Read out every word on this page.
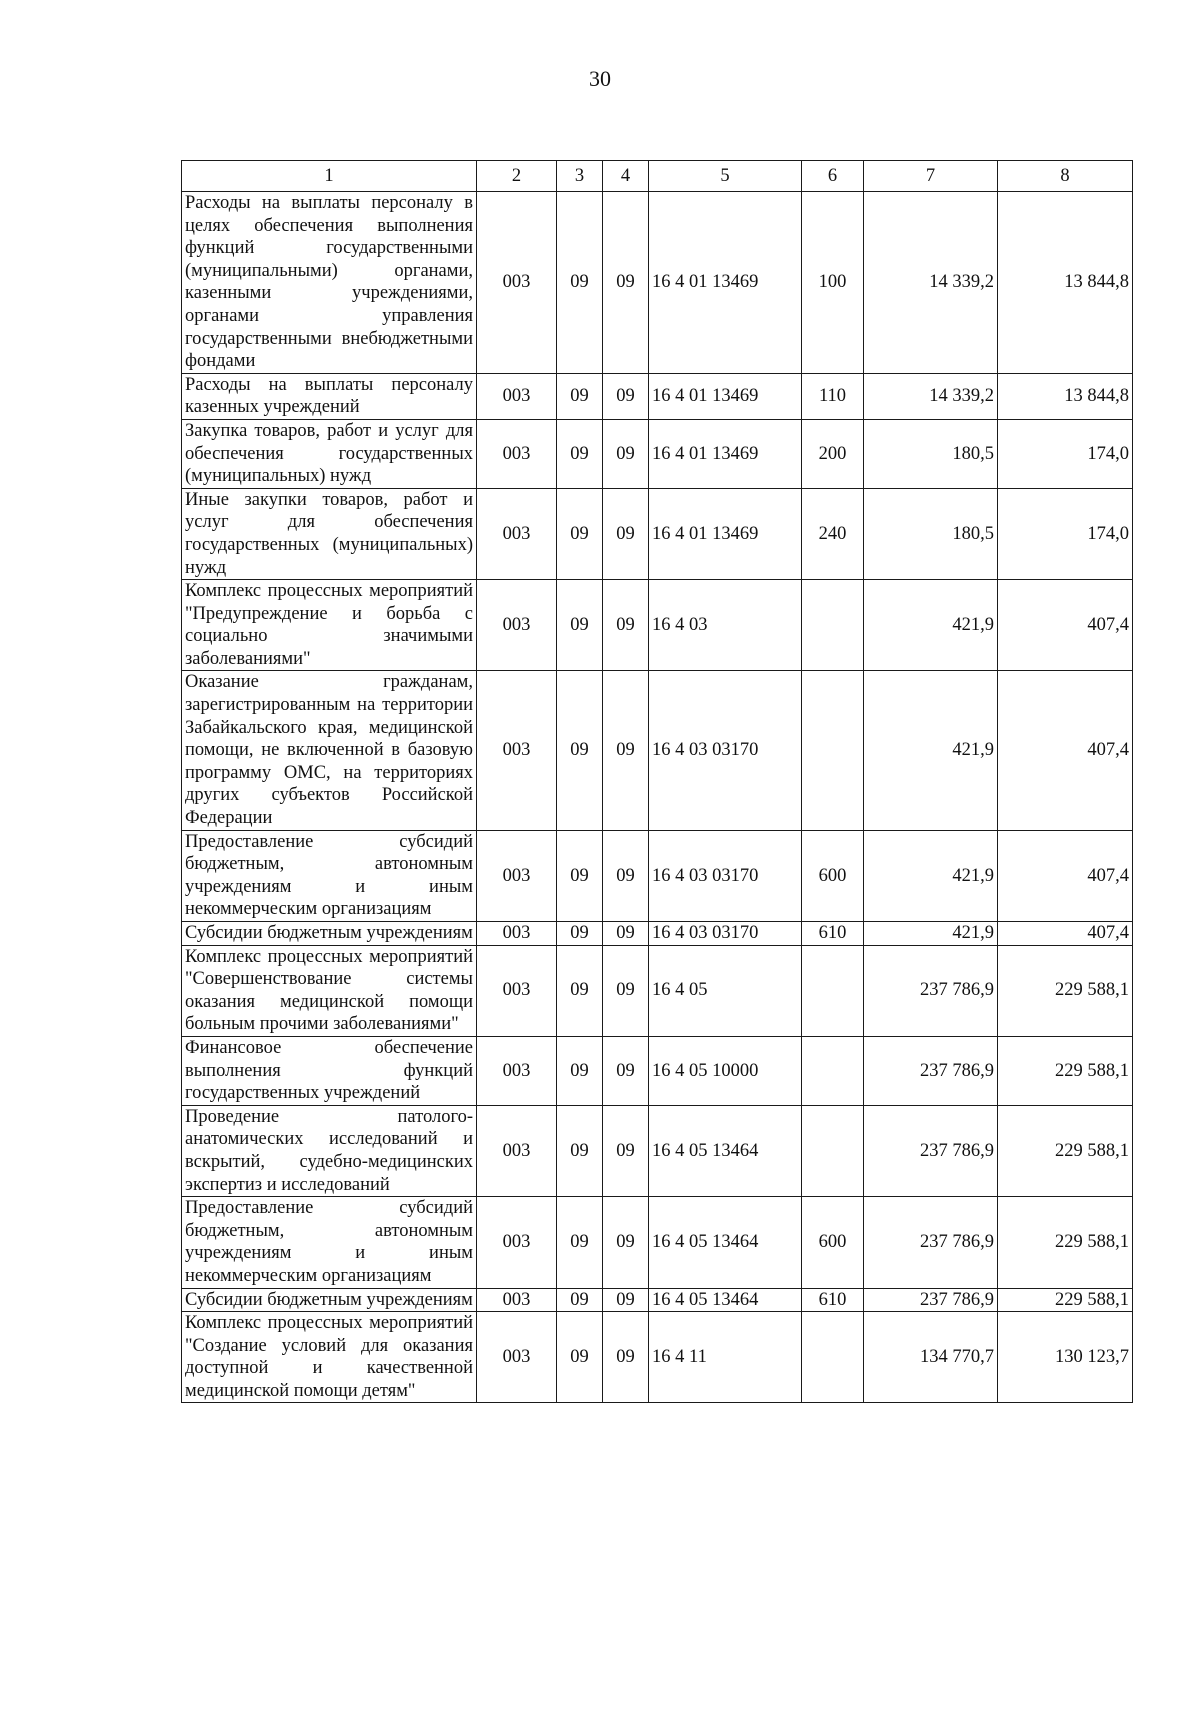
30
1	2	3	4	5	6	7	8
Расходы на выплаты персоналу в целях обеспечения выполнения функций государственными (муниципальными) органами, казенными учреждениями, органами управления государственными внебюджетными фондами	003	09	09	16 4 01 13469	100	14 339,2	13 844,8
Расходы на выплаты персоналу казенных учреждений	003	09	09	16 4 01 13469	110	14 339,2	13 844,8
Закупка товаров, работ и услуг для обеспечения государственных (муниципальных) нужд	003	09	09	16 4 01 13469	200	180,5	174,0
Иные закупки товаров, работ и услуг для обеспечения государственных (муниципальных) нужд	003	09	09	16 4 01 13469	240	180,5	174,0
Комплекс процессных мероприятий "Предупреждение и борьба с социально значимыми заболеваниями"	003	09	09	16 4 03		421,9	407,4
Оказание гражданам, зарегистрированным на территории Забайкальского края, медицинской помощи, не включенной в базовую программу ОМС, на территориях других субъектов Российской Федерации	003	09	09	16 4 03 03170		421,9	407,4
Предоставление субсидий бюджетным, автономным учреждениям и иным некоммерческим организациям	003	09	09	16 4 03 03170	600	421,9	407,4
Субсидии бюджетным учреждениям	003	09	09	16 4 03 03170	610	421,9	407,4
Комплекс процессных мероприятий "Совершенствование системы оказания медицинской помощи больным прочими заболеваниями"	003	09	09	16 4 05		237 786,9	229 588,1
Финансовое обеспечение выполнения функций государственных учреждений	003	09	09	16 4 05 10000		237 786,9	229 588,1
Проведение патолого-анатомических исследований и вскрытий, судебно-медицинских экспертиз и исследований	003	09	09	16 4 05 13464		237 786,9	229 588,1
Предоставление субсидий бюджетным, автономным учреждениям и иным некоммерческим организациям	003	09	09	16 4 05 13464	600	237 786,9	229 588,1
Субсидии бюджетным учреждениям	003	09	09	16 4 05 13464	610	237 786,9	229 588,1
Комплекс процессных мероприятий "Создание условий для оказания доступной и качественной медицинской помощи детям"	003	09	09	16 4 11		134 770,7	130 123,7
